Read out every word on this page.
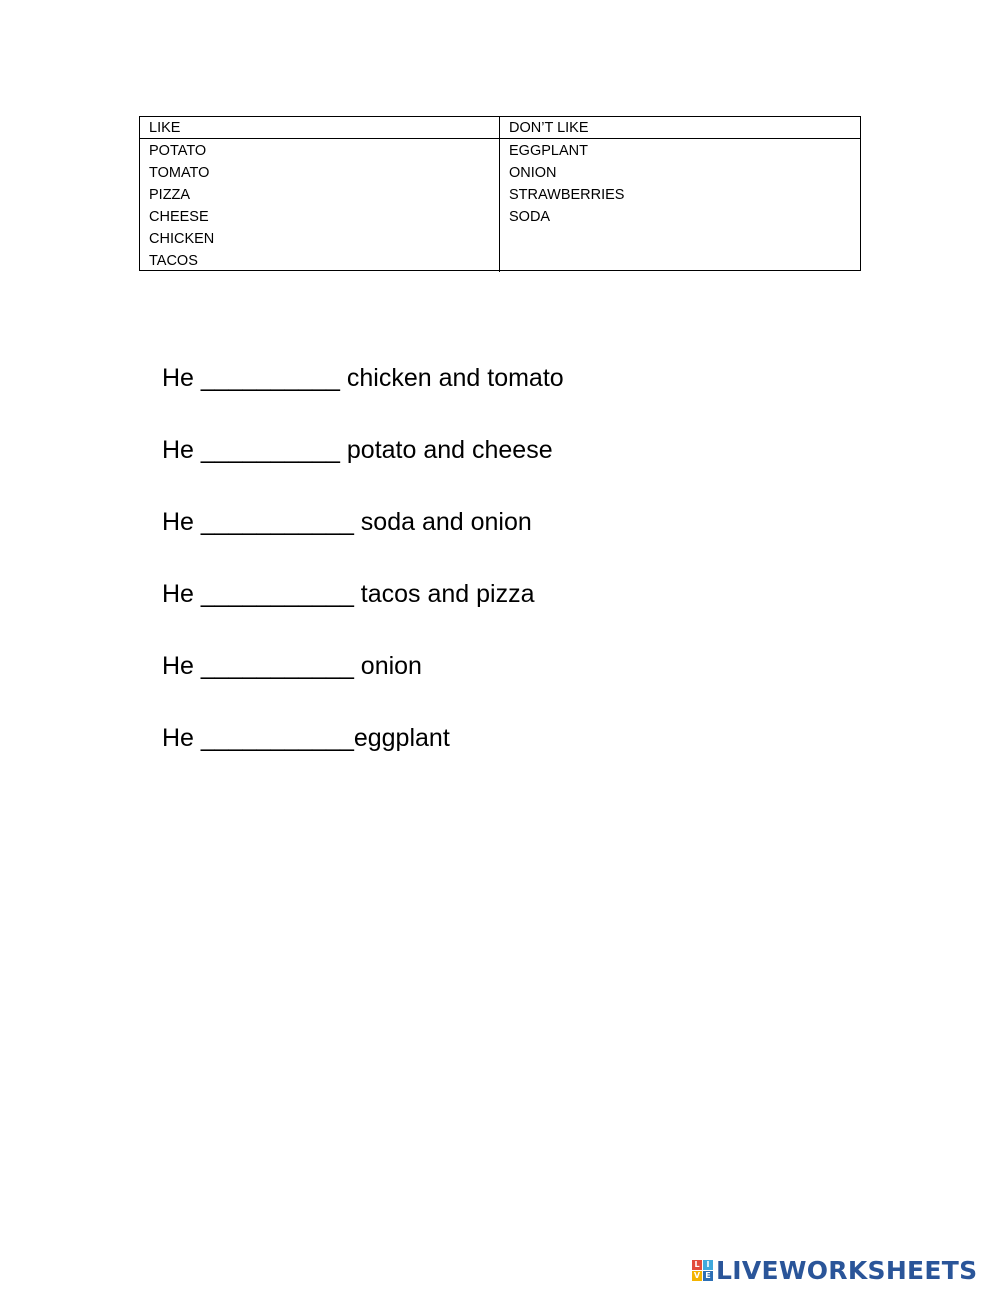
LIKE	DON’T LIKE
POTATO
TOMATO
PIZZA
CHEESE
CHICKEN
TACOS
EGGPLANT
ONION
STRAWBERRIES
SODA
He __________ chicken and tomato
He __________ potato and cheese
He ___________ soda and onion
He ___________ tacos and pizza
He ___________ onion
He ___________eggplant
L I
V E LIVEWORKSHEETS
